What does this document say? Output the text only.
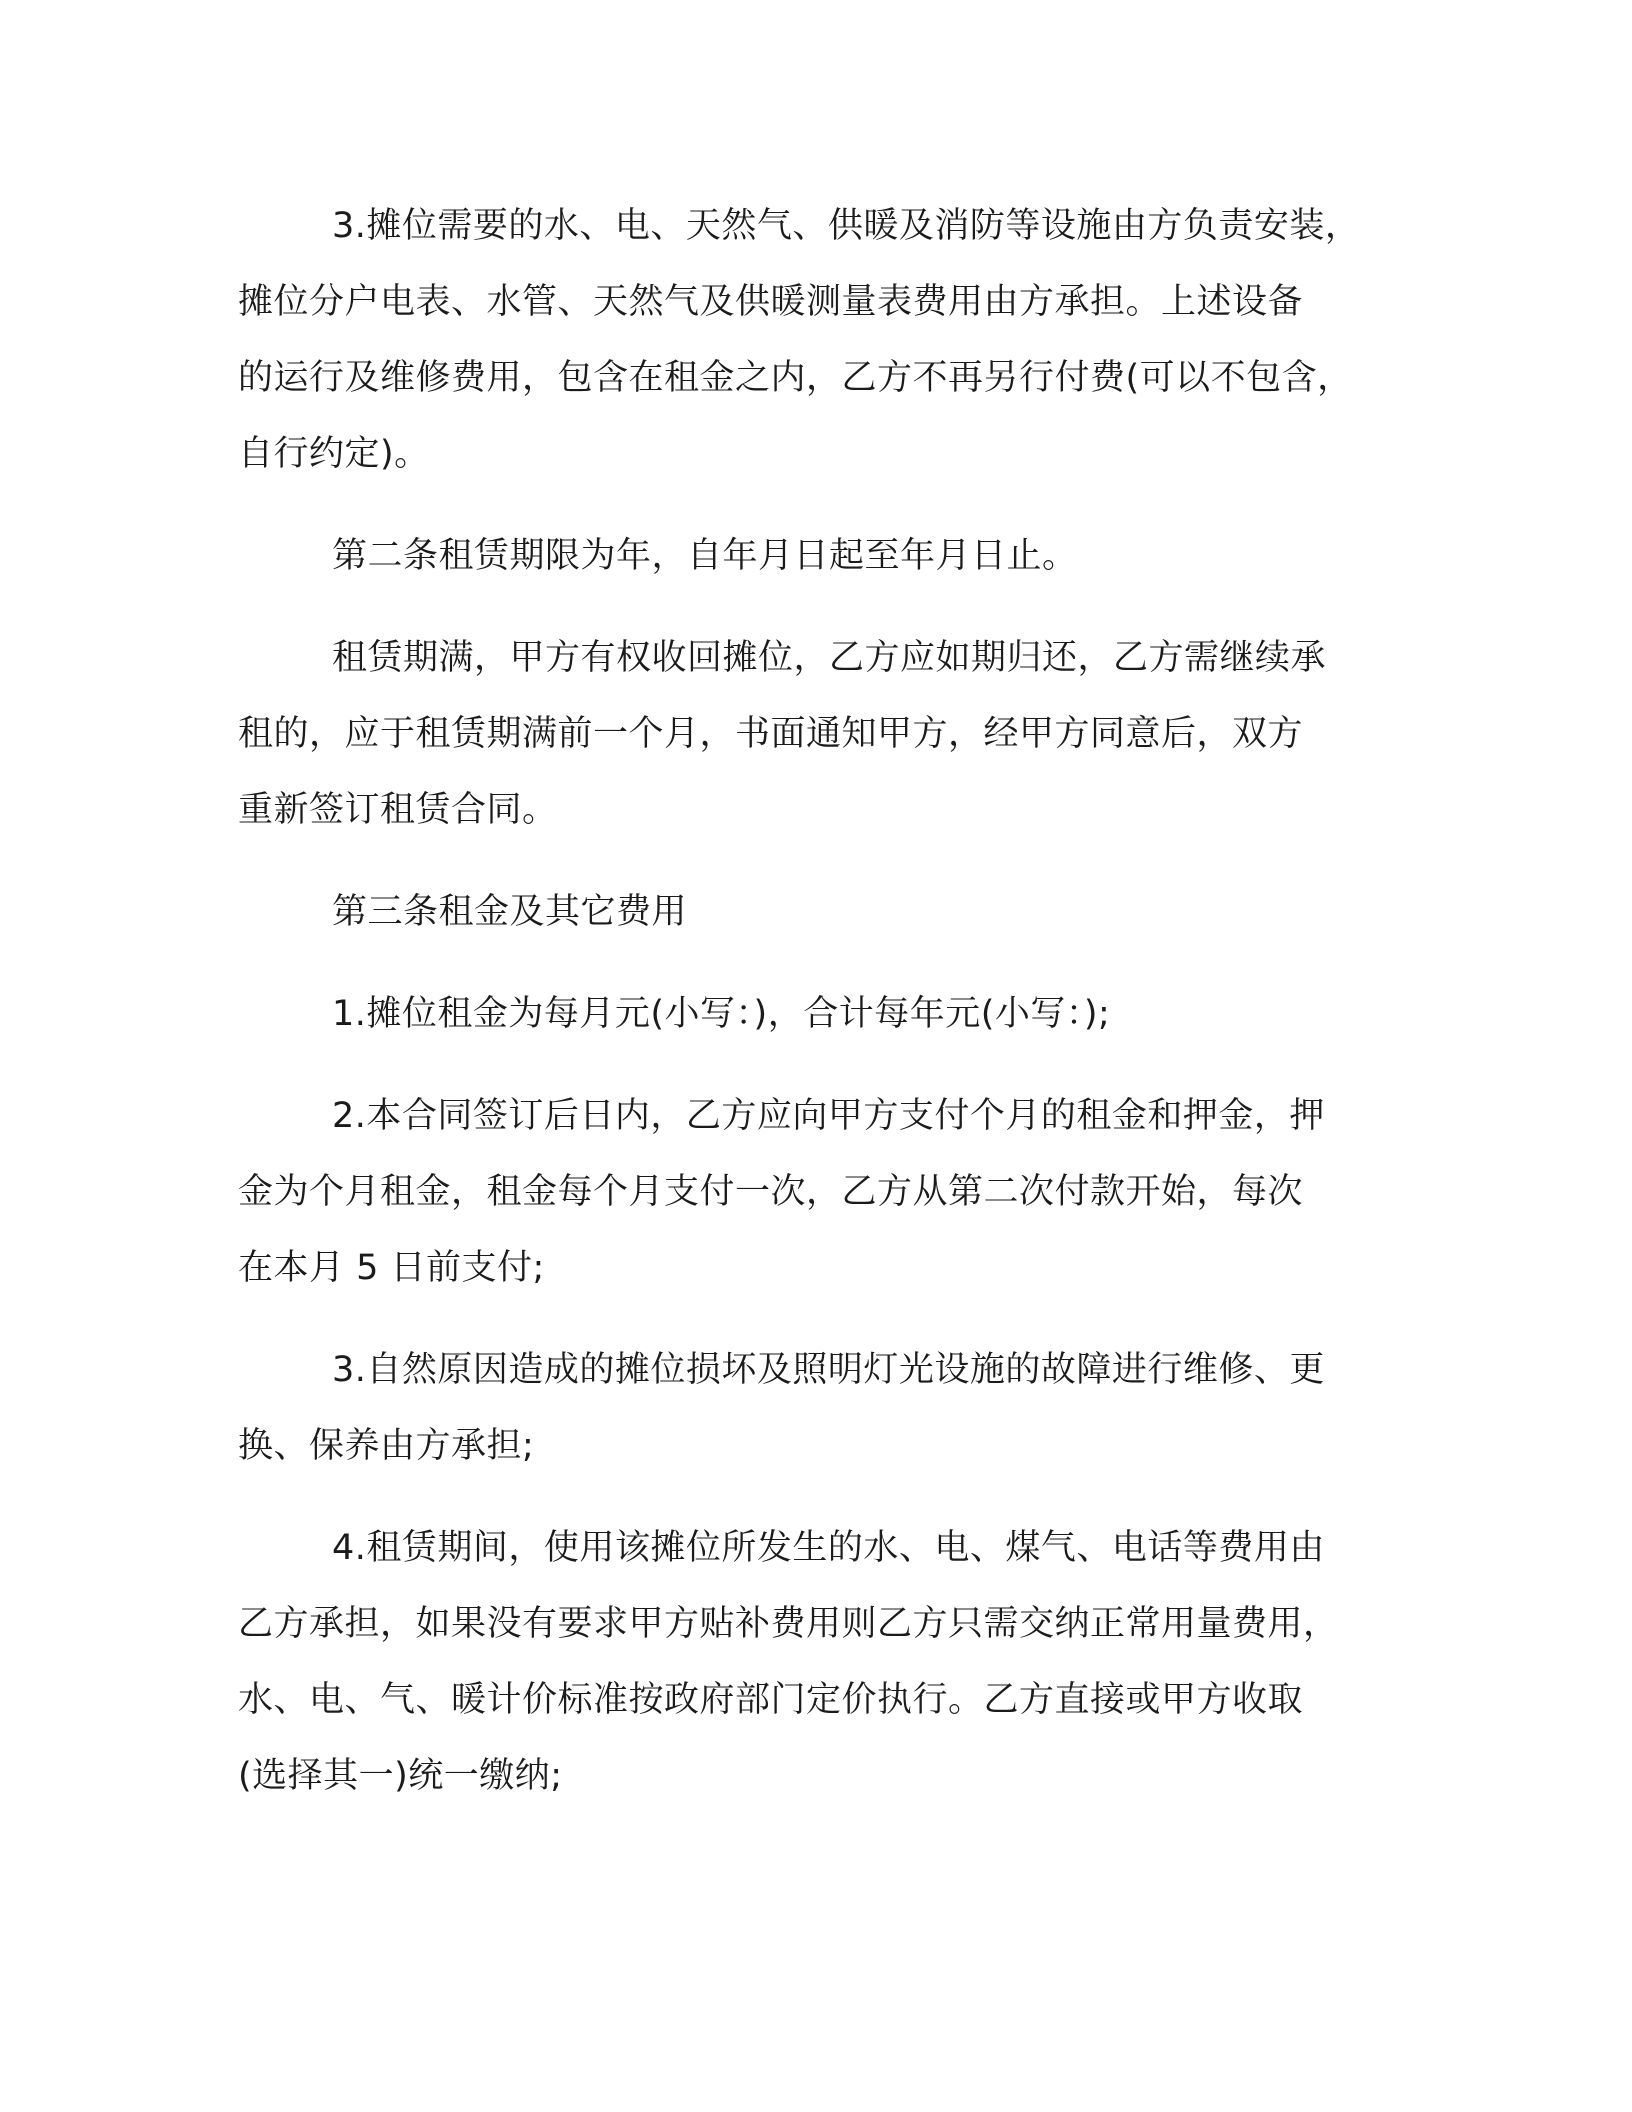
3.摊位需要的水、电、天然气、供暖及消防等设施由方负责安装，
摊位分户电表、水管、天然气及供暖测量表费用由方承担。上述设备
的运行及维修费用，包含在租金之内，乙方不再另行付费(可以不包含，
自行约定)。
第二条租赁期限为年，自年月日起至年月日止。
租赁期满，甲方有权收回摊位，乙方应如期归还，乙方需继续承
租的，应于租赁期满前一个月，书面通知甲方，经甲方同意后，双方
重新签订租赁合同。
第三条租金及其它费用
1.摊位租金为每月元(小写：)，合计每年元(小写：);
2.本合同签订后日内，乙方应向甲方支付个月的租金和押金，押
金为个月租金，租金每个月支付一次，乙方从第二次付款开始，每次
在本月 5 日前支付;
3.自然原因造成的摊位损坏及照明灯光设施的故障进行维修、更
换、保养由方承担;
4.租赁期间，使用该摊位所发生的水、电、煤气、电话等费用由
乙方承担，如果没有要求甲方贴补费用则乙方只需交纳正常用量费用，
水、电、气、暖计价标准按政府部门定价执行。乙方直接或甲方收取
(选择其一)统一缴纳;
